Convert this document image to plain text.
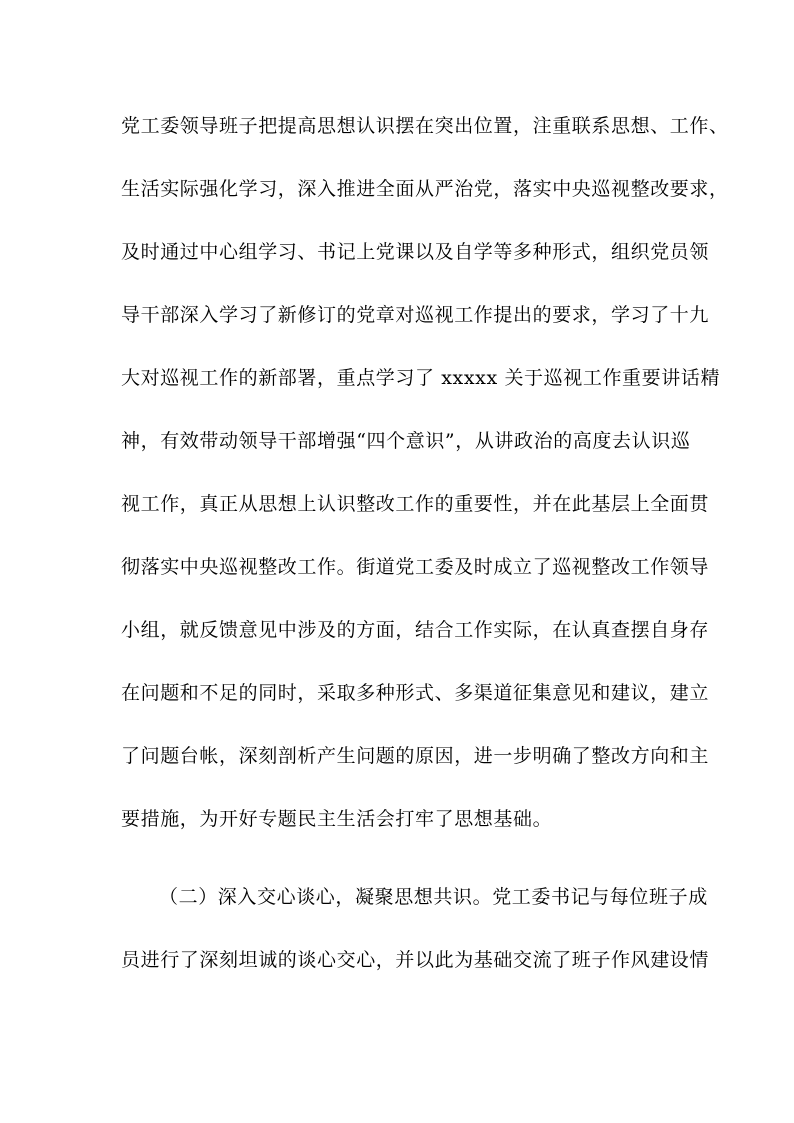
党工委领导班子把提高思想认识摆在突出位置，注重联系思想、工作、
生活实际强化学习，深入推进全面从严治党，落实中央巡视整改要求，
及时通过中心组学习、书记上党课以及自学等多种形式，组织党员领
导干部深入学习了新修订的党章对巡视工作提出的要求，学习了十九
大对巡视工作的新部署，重点学习了 xxxxx 关于巡视工作重要讲话精
神，有效带动领导干部增强“四个意识”，从讲政治的高度去认识巡
视工作，真正从思想上认识整改工作的重要性，并在此基层上全面贯
彻落实中央巡视整改工作。街道党工委及时成立了巡视整改工作领导
小组，就反馈意见中涉及的方面，结合工作实际，在认真查摆自身存
在问题和不足的同时，采取多种形式、多渠道征集意见和建议，建立
了问题台帐，深刻剖析产生问题的原因，进一步明确了整改方向和主
要措施，为开好专题民主生活会打牢了思想基础。
（二）深入交心谈心，凝聚思想共识。党工委书记与每位班子成
员进行了深刻坦诚的谈心交心，并以此为基础交流了班子作风建设情
